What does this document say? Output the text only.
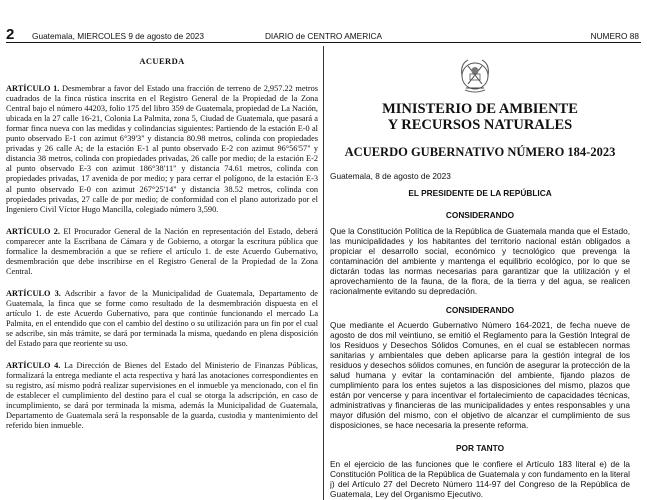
2 Guatemala, MIERCOLES 9 de agosto de 2023	DIARIO de CENTRO AMERICA	NUMERO 88
ACUERDA

ARTÍCULO 1. Desmembrar a favor del Estado una fracción de terreno de 2,957.22 metros cuadrados de la finca rústica inscrita en el Registro General de la Propiedad de la Zona Central bajo el número 44203, folio 175 del libro 359 de Guatemala, propiedad de La Nación, ubicada en la 27 calle 16-21, Colonia La Palmita, zona 5, Ciudad de Guatemala, que pasará a formar finca nueva con las medidas y colindancias siguientes: Partiendo de la estación E-0 al punto observado E-1 con azimut 6°39'3" y distancia 80.98 metros, colinda con propiedades privadas y 26 calle A; de la estación E-1 al punto observado E-2 con azimut 96°56'57" y distancia 38 metros, colinda con propiedades privadas, 26 calle por medio; de la estación E-2 al punto observado E-3 con azimut 186°38'11" y distancia 74.61 metros, colinda con propiedades privadas, 17 avenida de por medio; y para cerrar el polígono, de la estación E-3 al punto observado E-0 con azimut 267°25'14" y distancia 38.52 metros, colinda con propiedades privadas, 27 calle de por medio; de conformidad con el plano autorizado por el Ingeniero Civil Víctor Hugo Mancilla, colegiado número 3,590.

ARTÍCULO 2. El Procurador General de la Nación en representación del Estado, deberá comparecer ante la Escribana de Cámara y de Gobierno, a otorgar la escritura pública que formalice la desmembración a que se refiere el artículo 1. de este Acuerdo Gubernativo, desmembración que debe inscribirse en el Registro General de la Propiedad de la Zona Central.

ARTÍCULO 3. Adscribir a favor de la Municipalidad de Guatemala, Departamento de Guatemala, la finca que se forme como resultado de la desmembración dispuesta en el artículo 1. de este Acuerdo Gubernativo, para que continúe funcionando el mercado La Palmita, en el entendido que con el cambio del destino o su utilización para un fin por el cual se adscribe, sin más trámite, se dará por terminada la misma, quedando en plena disposición del Estado para que reoriente su uso.

ARTÍCULO 4. La Dirección de Bienes del Estado del Ministerio de Finanzas Públicas, formalizará la entrega mediante el acta respectiva y hará las anotaciones correspondientes en su registro, así mismo podrá realizar supervisiones en el inmueble ya mencionado, con el fin de establecer el cumplimiento del destino para el cual se otorga la adscripción, en caso de incumplimiento, se dará por terminada la misma, además la Municipalidad de Guatemala, Departamento de Guatemala será la responsable de la guarda, custodia y mantenimiento del referido bien inmueble.

MINISTERIO DE AMBIENTE
Y RECURSOS NATURALES
ACUERDO GUBERNATIVO NÚMERO 184-2023
Guatemala, 8 de agosto de 2023
EL PRESIDENTE DE LA REPÚBLICA
CONSIDERANDO

Que la Constitución Política de la República de Guatemala manda que el Estado, las municipalidades y los habitantes del territorio nacional están obligados a propiciar el desarrollo social, económico y tecnológico que prevenga la contaminación del ambiente y mantenga el equilibrio ecológico, por lo que se dictarán todas las normas necesarias para garantizar que la utilización y el aprovechamiento de la fauna, de la flora, de la tierra y del agua, se realicen racionalmente evitando su depredación.

CONSIDERANDO

Que mediante el Acuerdo Gubernativo Número 164-2021, de fecha nueve de agosto de dos mil veintiuno, se emitió el Reglamento para la Gestión Integral de los Residuos y Desechos Sólidos Comunes, en el cual se establecen normas sanitarias y ambientales que deben aplicarse para la gestión integral de los residuos y desechos sólidos comunes, en función de asegurar la protección de la salud humana y evitar la contaminación del ambiente, fijando plazos de cumplimiento para los entes sujetos a las disposiciones del mismo, plazos que están por vencerse y para incentivar el fortalecimiento de capacidades técnicas, administrativas y financieras de las municipalidades y entes responsables y una mayor difusión del mismo, con el objetivo de alcanzar el cumplimiento de sus disposiciones, se hace necesaria la presente reforma.

POR TANTO

En el ejercicio de las funciones que le confiere el Artículo 183 literal e) de la Constitución Política de la República de Guatemala y con fundamento en la literal j) del Artículo 27 del Decreto Número 114-97 del Congreso de la República de Guatemala, Ley del Organismo Ejecutivo.
